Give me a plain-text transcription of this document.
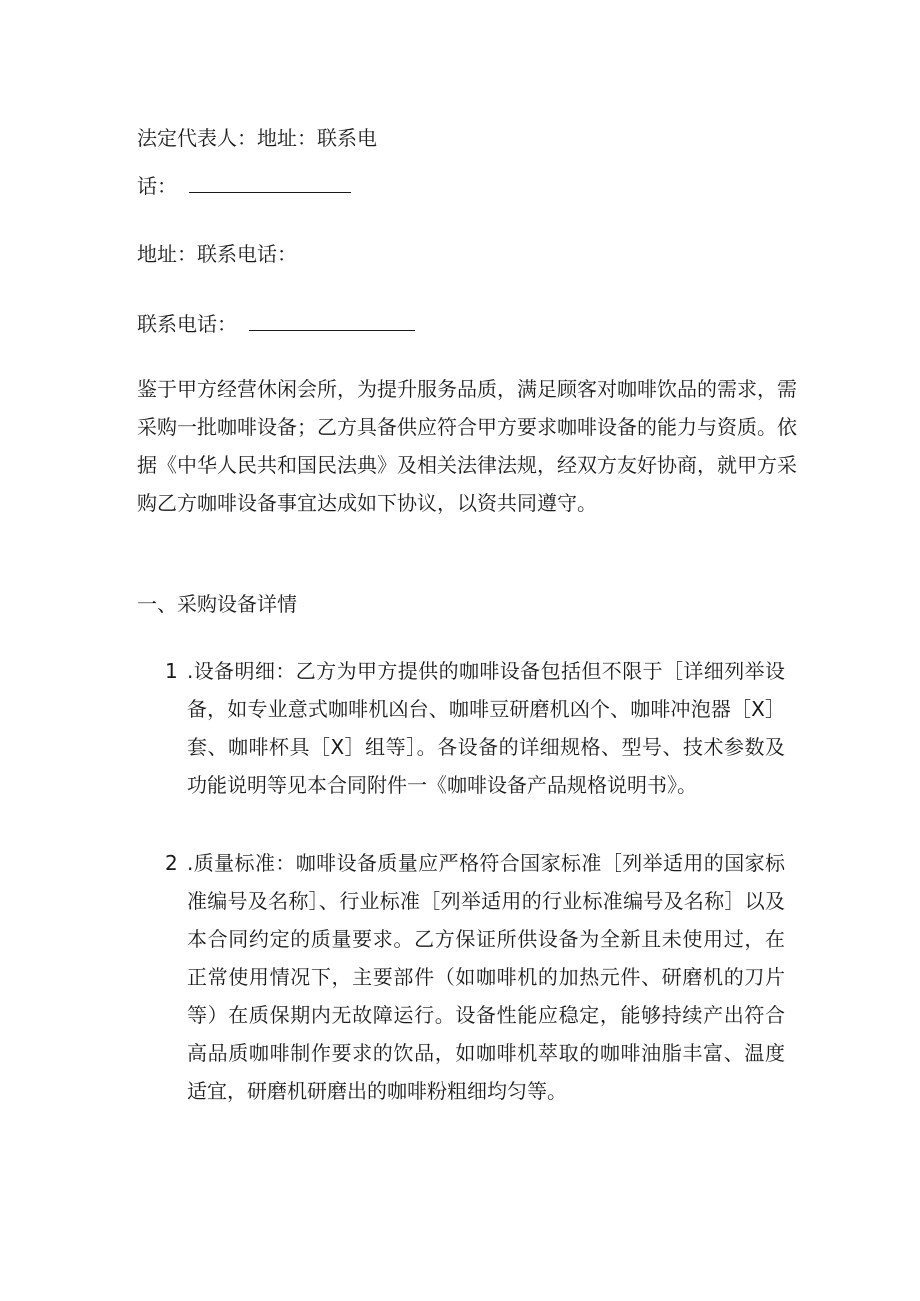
法定代表人：地址：联系电
话：
地址：联系电话：
联系电话：
鉴于甲方经营休闲会所，为提升服务品质，满足顾客对咖啡饮品的需求，需采购一批咖啡设备；乙方具备供应符合甲方要求咖啡设备的能力与资质。依据《中华人民共和国民法典》及相关法律法规，经双方友好协商，就甲方采购乙方咖啡设备事宜达成如下协议，以资共同遵守。
一、采购设备详情
1 .设备明细：乙方为甲方提供的咖啡设备包括但不限于［详细列举设备，如专业意式咖啡机凶台、咖啡豆研磨机凶个、咖啡冲泡器［X］套、咖啡杯具［X］组等］。各设备的详细规格、型号、技术参数及功能说明等见本合同附件一《咖啡设备产品规格说明书》。
2 .质量标准：咖啡设备质量应严格符合国家标准［列举适用的国家标准编号及名称］、行业标准［列举适用的行业标准编号及名称］以及本合同约定的质量要求。乙方保证所供设备为全新且未使用过，在正常使用情况下，主要部件（如咖啡机的加热元件、研磨机的刀片等）在质保期内无故障运行。设备性能应稳定，能够持续产出符合高品质咖啡制作要求的饮品，如咖啡机萃取的咖啡油脂丰富、温度适宜，研磨机研磨出的咖啡粉粗细均匀等。
